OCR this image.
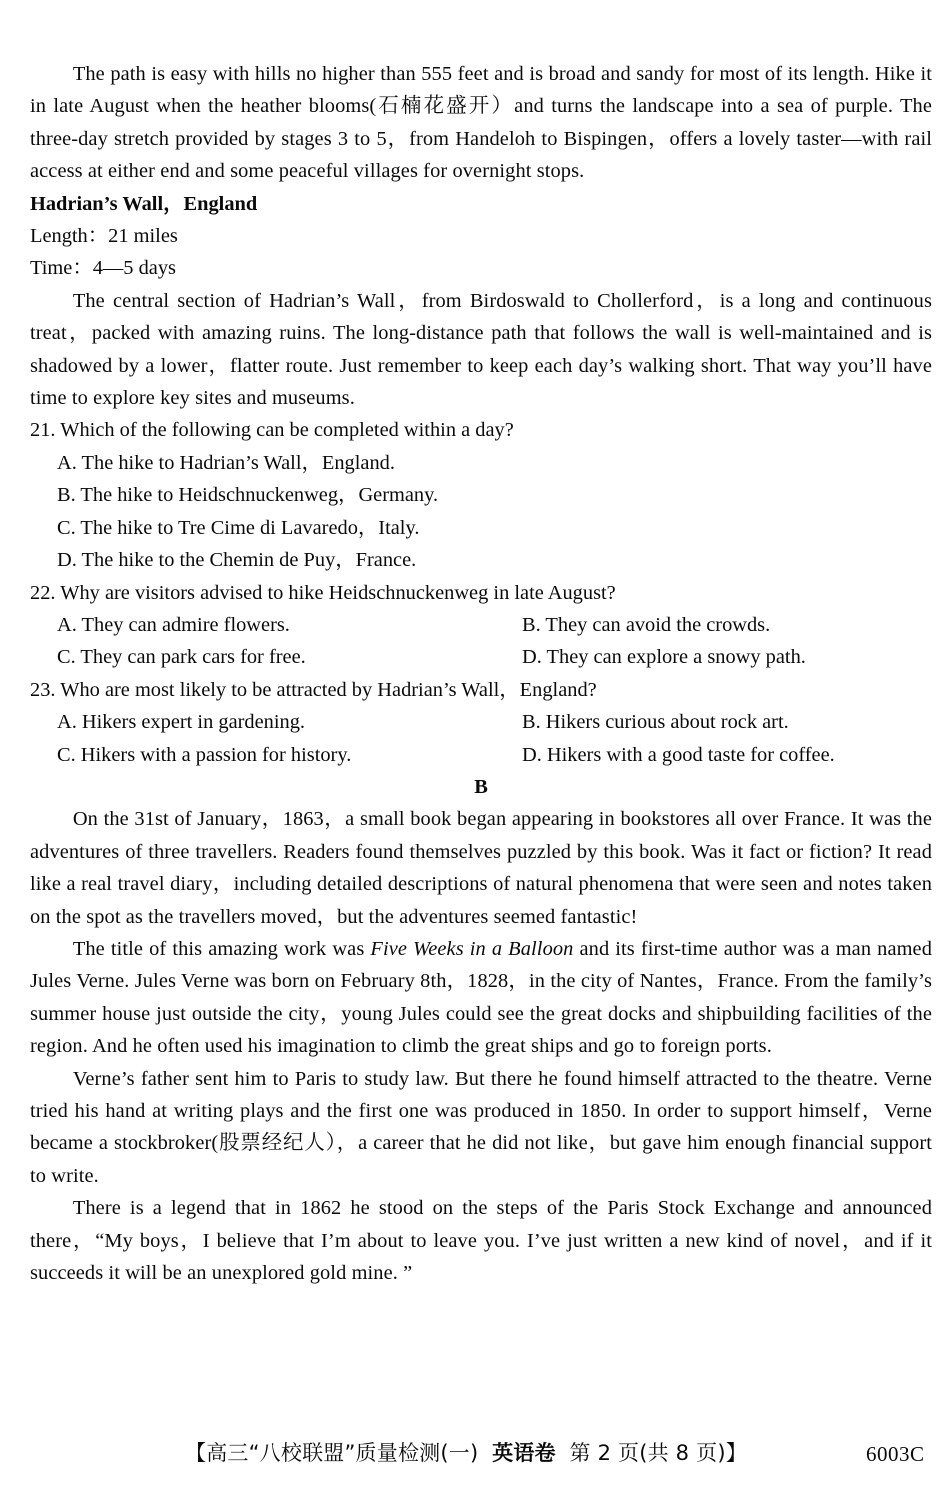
The path is easy with hills no higher than 555 feet and is broad and sandy for most of its length. Hike it in late August when the heather blooms(石楠花盛开）and turns the landscape into a sea of purple. The three-day stretch provided by stages 3 to 5，from Handeloh to Bispingen，offers a lovely taster—with rail access at either end and some peaceful villages for overnight stops.

Hadrian’s Wall，England

Length：21 miles

Time：4—5 days

The central section of Hadrian’s Wall，from Birdoswald to Chollerford，is a long and continuous treat，packed with amazing ruins. The long-distance path that follows the wall is well-maintained and is shadowed by a lower，flatter route. Just remember to keep each day’s walking short. That way you’ll have time to explore key sites and museums.

21. Which of the following can be completed within a day?

A. The hike to Hadrian’s Wall，England.

B. The hike to Heidschnuckenweg，Germany.

C. The hike to Tre Cime di Lavaredo，Italy.

D. The hike to the Chemin de Puy，France.

22. Why are visitors advised to hike Heidschnuckenweg in late August?

A. They can admire flowers.	B. They can avoid the crowds.
C. They can park cars for free.	D. They can explore a snowy path.

23. Who are most likely to be attracted by Hadrian’s Wall，England?

A. Hikers expert in gardening.	B. Hikers curious about rock art.
C. Hikers with a passion for history.	D. Hikers with a good taste for coffee.

B

On the 31st of January，1863，a small book began appearing in bookstores all over France. It was the adventures of three travellers. Readers found themselves puzzled by this book. Was it fact or fiction? It read like a real travel diary，including detailed descriptions of natural phenomena that were seen and notes taken on the spot as the travellers moved，but the adventures seemed fantastic!

The title of this amazing work was Five Weeks in a Balloon and its first-time author was a man named Jules Verne. Jules Verne was born on February 8th，1828，in the city of Nantes，France. From the family’s summer house just outside the city，young Jules could see the great docks and shipbuilding facilities of the region. And he often used his imagination to climb the great ships and go to foreign ports.

Verne’s father sent him to Paris to study law. But there he found himself attracted to the theatre. Verne tried his hand at writing plays and the first one was produced in 1850. In order to support himself，Verne became a stockbroker(股票经纪人），a career that he did not like，but gave him enough financial support to write.

There is a legend that in 1862 he stood on the steps of the Paris Stock Exchange and announced there，“My boys，I believe that I’m about to leave you. I’ve just written a new kind of novel，and if it succeeds it will be an unexplored gold mine. ”

【高三“八校联盟”质量检测(一) 英语卷 第 2 页(共 8 页)】	6003C
